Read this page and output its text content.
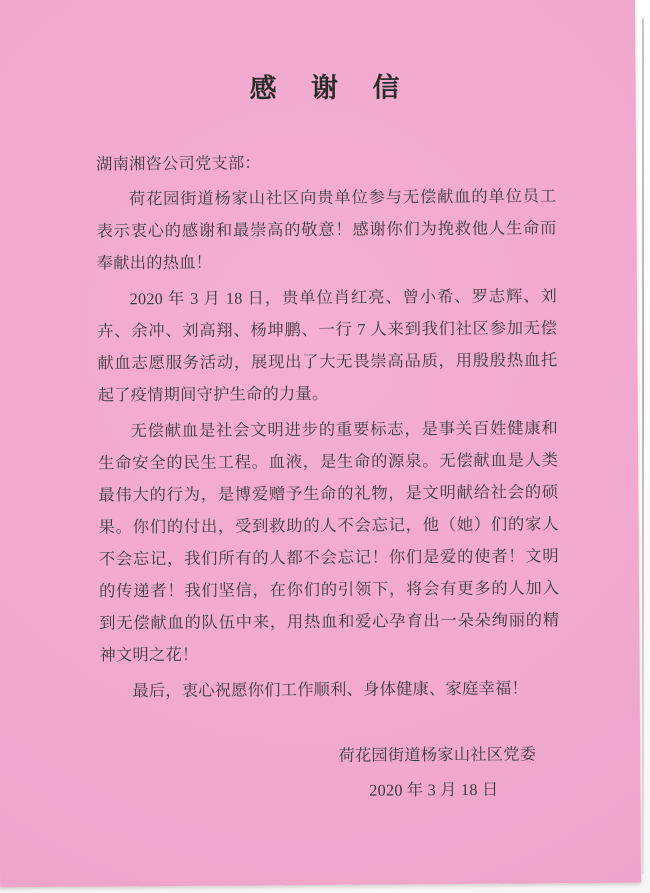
感 谢 信
湖南湘咨公司党支部：

荷花园街道杨家山社区向贵单位参与无偿献血的单位员工表示衷心的感谢和最崇高的敬意！感谢你们为挽救他人生命而奉献出的热血！

2020 年 3 月 18 日，贵单位肖红亮、曾小希、罗志辉、刘卉、余冲、刘高翔、杨坤鹏、一行 7 人来到我们社区参加无偿献血志愿服务活动，展现出了大无畏崇高品质，用殷殷热血托起了疫情期间守护生命的力量。

无偿献血是社会文明进步的重要标志，是事关百姓健康和生命安全的民生工程。血液，是生命的源泉。无偿献血是人类最伟大的行为，是博爱赠予生命的礼物，是文明献给社会的硕果。你们的付出，受到救助的人不会忘记，他（她）们的家人不会忘记，我们所有的人都不会忘记！你们是爱的使者！文明的传递者！我们坚信，在你们的引领下，将会有更多的人加入到无偿献血的队伍中来，用热血和爱心孕育出一朵朵绚丽的精神文明之花！

最后，衷心祝愿你们工作顺利、身体健康、家庭幸福！

荷花园街道杨家山社区党委
2020 年 3 月 18 日
